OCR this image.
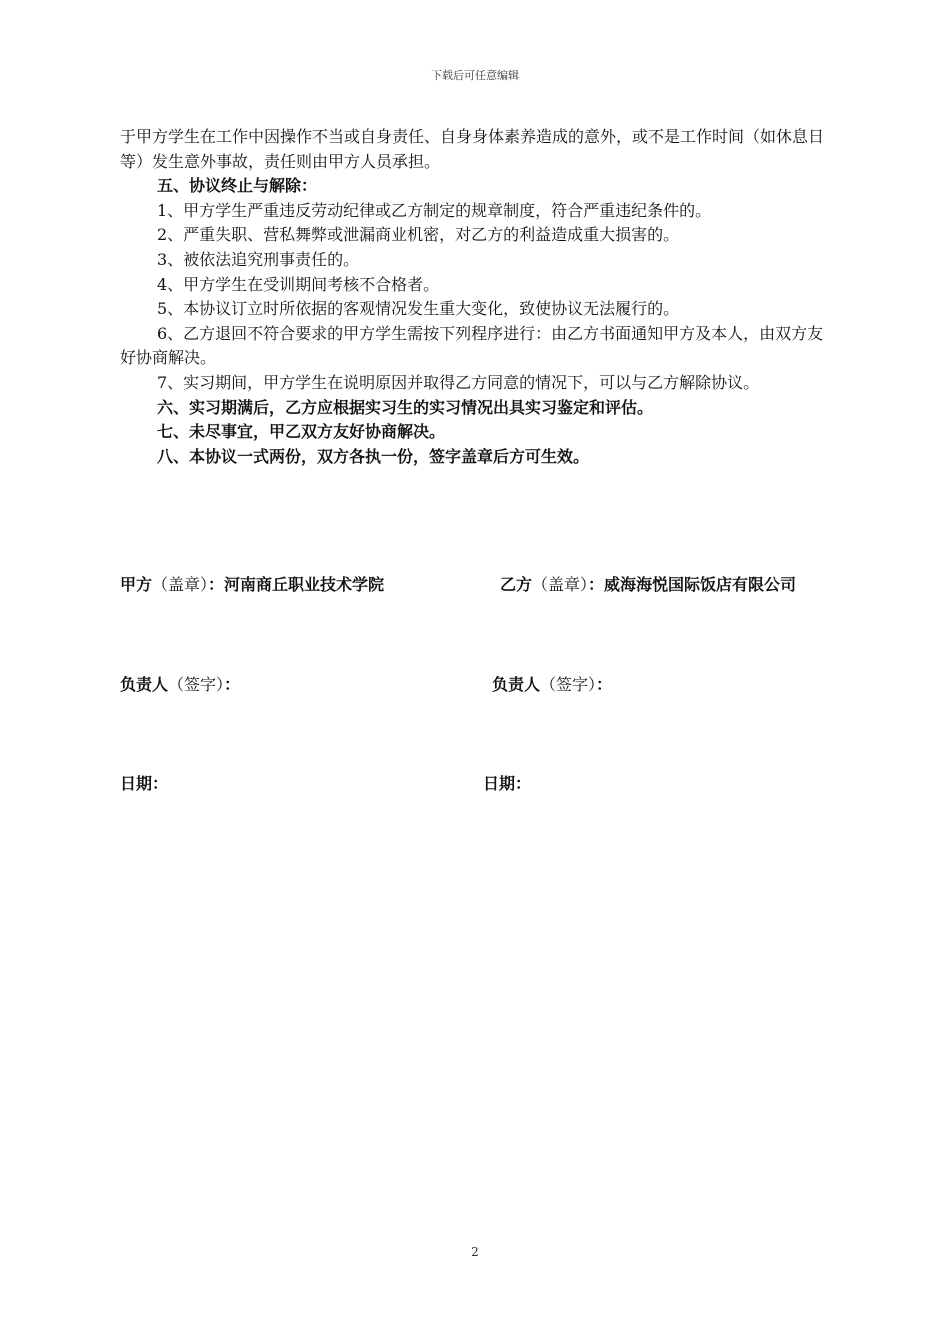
下载后可任意编辑

于甲方学生在工作中因操作不当或自身责任、自身身体素养造成的意外，或不是工作时间（如休息日等）发生意外事故，责任则由甲方人员承担。

五、协议终止与解除：

1、甲方学生严重违反劳动纪律或乙方制定的规章制度，符合严重违纪条件的。

2、严重失职、营私舞弊或泄漏商业机密，对乙方的利益造成重大损害的。

3、被依法追究刑事责任的。

4、甲方学生在受训期间考核不合格者。

5、本协议订立时所依据的客观情况发生重大变化，致使协议无法履行的。

6、乙方退回不符合要求的甲方学生需按下列程序进行：由乙方书面通知甲方及本人，由双方友好协商解决。

7、实习期间，甲方学生在说明原因并取得乙方同意的情况下，可以与乙方解除协议。

六、实习期满后，乙方应根据实习生的实习情况出具实习鉴定和评估。

七、未尽事宜，甲乙双方友好协商解决。

八、本协议一式两份，双方各执一份，签字盖章后方可生效。

甲方（盖章）：河南商丘职业技术学院	乙方（盖章）：威海海悦国际饭店有限公司
负责人（签字）：	负责人（签字）：
日期：	日期：
2
